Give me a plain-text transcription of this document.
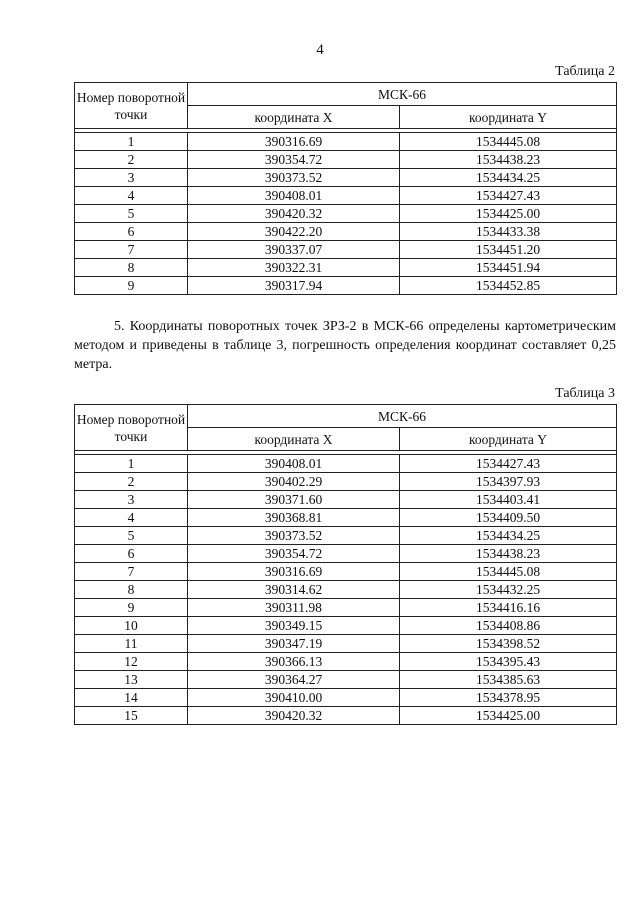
4
Таблица 2
Номер поворотной точки	МСК-66	
	координата X	координата Y

1	390316.69	1534445.08
2	390354.72	1534438.23
3	390373.52	1534434.25
4	390408.01	1534427.43
5	390420.32	1534425.00
6	390422.20	1534433.38
7	390337.07	1534451.20
8	390322.31	1534451.94
9	390317.94	1534452.85
5. Координаты поворотных точек ЗРЗ-2 в МСК-66 определены картометрическим методом и приведены в таблице 3, погрешность определения координат составляет 0,25 метра.
Таблица 3
Номер поворотной точки	МСК-66	
	координата X	координата Y

1	390408.01	1534427.43
2	390402.29	1534397.93
3	390371.60	1534403.41
4	390368.81	1534409.50
5	390373.52	1534434.25
6	390354.72	1534438.23
7	390316.69	1534445.08
8	390314.62	1534432.25
9	390311.98	1534416.16
10	390349.15	1534408.86
11	390347.19	1534398.52
12	390366.13	1534395.43
13	390364.27	1534385.63
14	390410.00	1534378.95
15	390420.32	1534425.00
